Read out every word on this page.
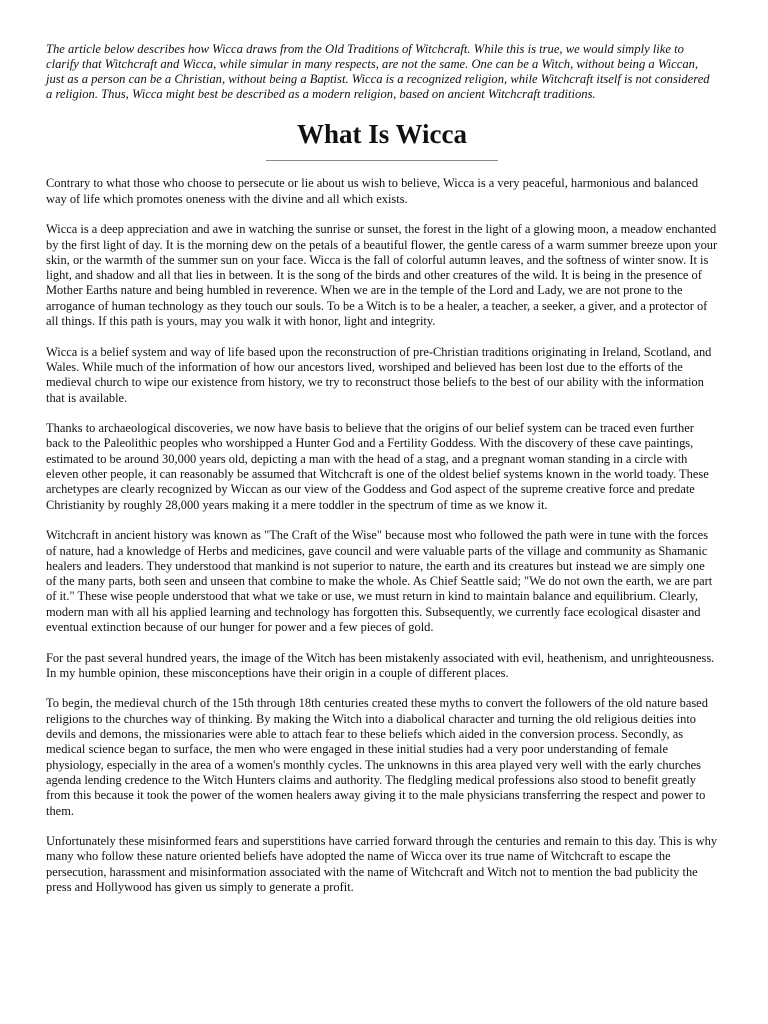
The article below describes how Wicca draws from the Old Traditions of Witchcraft. While this is true, we would simply like to clarify that Witchcraft and Wicca, while simular in many respects, are not the same. One can be a Witch, without being a Wiccan, just as a person can be a Christian, without being a Baptist. Wicca is a recognized religion, while Witchcraft itself is not considered a religion. Thus, Wicca might best be described as a modern religion, based on ancient Witchcraft traditions.

What Is Wicca

Contrary to what those who choose to persecute or lie about us wish to believe, Wicca is a very peaceful, harmonious and balanced way of life which promotes oneness with the divine and all which exists.

Wicca is a deep appreciation and awe in watching the sunrise or sunset, the forest in the light of a glowing moon, a meadow enchanted by the first light of day. It is the morning dew on the petals of a beautiful flower, the gentle caress of a warm summer breeze upon your skin, or the warmth of the summer sun on your face. Wicca is the fall of colorful autumn leaves, and the softness of winter snow. It is light, and shadow and all that lies in between. It is the song of the birds and other creatures of the wild. It is being in the presence of Mother Earths nature and being humbled in reverence. When we are in the temple of the Lord and Lady, we are not prone to the arrogance of human technology as they touch our souls. To be a Witch is to be a healer, a teacher, a seeker, a giver, and a protector of all things. If this path is yours, may you walk it with honor, light and integrity.

Wicca is a belief system and way of life based upon the reconstruction of pre-Christian traditions originating in Ireland, Scotland, and Wales. While much of the information of how our ancestors lived, worshiped and believed has been lost due to the efforts of the medieval church to wipe our existence from history, we try to reconstruct those beliefs to the best of our ability with the information that is available.

Thanks to archaeological discoveries, we now have basis to believe that the origins of our belief system can be traced even further back to the Paleolithic peoples who worshipped a Hunter God and a Fertility Goddess. With the discovery of these cave paintings, estimated to be around 30,000 years old, depicting a man with the head of a stag, and a pregnant woman standing in a circle with eleven other people, it can reasonably be assumed that Witchcraft is one of the oldest belief systems known in the world toady. These archetypes are clearly recognized by Wiccan as our view of the Goddess and God aspect of the supreme creative force and predate Christianity by roughly 28,000 years making it a mere toddler in the spectrum of time as we know it.

Witchcraft in ancient history was known as "The Craft of the Wise" because most who followed the path were in tune with the forces of nature, had a knowledge of Herbs and medicines, gave council and were valuable parts of the village and community as Shamanic healers and leaders. They understood that mankind is not superior to nature, the earth and its creatures but instead we are simply one of the many parts, both seen and unseen that combine to make the whole. As Chief Seattle said; "We do not own the earth, we are part of it." These wise people understood that what we take or use, we must return in kind to maintain balance and equilibrium. Clearly, modern man with all his applied learning and technology has forgotten this. Subsequently, we currently face ecological disaster and eventual extinction because of our hunger for power and a few pieces of gold.

For the past several hundred years, the image of the Witch has been mistakenly associated with evil, heathenism, and unrighteousness. In my humble opinion, these misconceptions have their origin in a couple of different places.

To begin, the medieval church of the 15th through 18th centuries created these myths to convert the followers of the old nature based religions to the churches way of thinking. By making the Witch into a diabolical character and turning the old religious deities into devils and demons, the missionaries were able to attach fear to these beliefs which aided in the conversion process. Secondly, as medical science began to surface, the men who were engaged in these initial studies had a very poor understanding of female physiology, especially in the area of a women's monthly cycles. The unknowns in this area played very well with the early churches agenda lending credence to the Witch Hunters claims and authority. The fledgling medical professions also stood to benefit greatly from this because it took the power of the women healers away giving it to the male physicians transferring the respect and power to them.

Unfortunately these misinformed fears and superstitions have carried forward through the centuries and remain to this day. This is why many who follow these nature oriented beliefs have adopted the name of Wicca over its true name of Witchcraft to escape the persecution, harassment and misinformation associated with the name of Witchcraft and Witch not to mention the bad publicity the press and Hollywood has given us simply to generate a profit.
